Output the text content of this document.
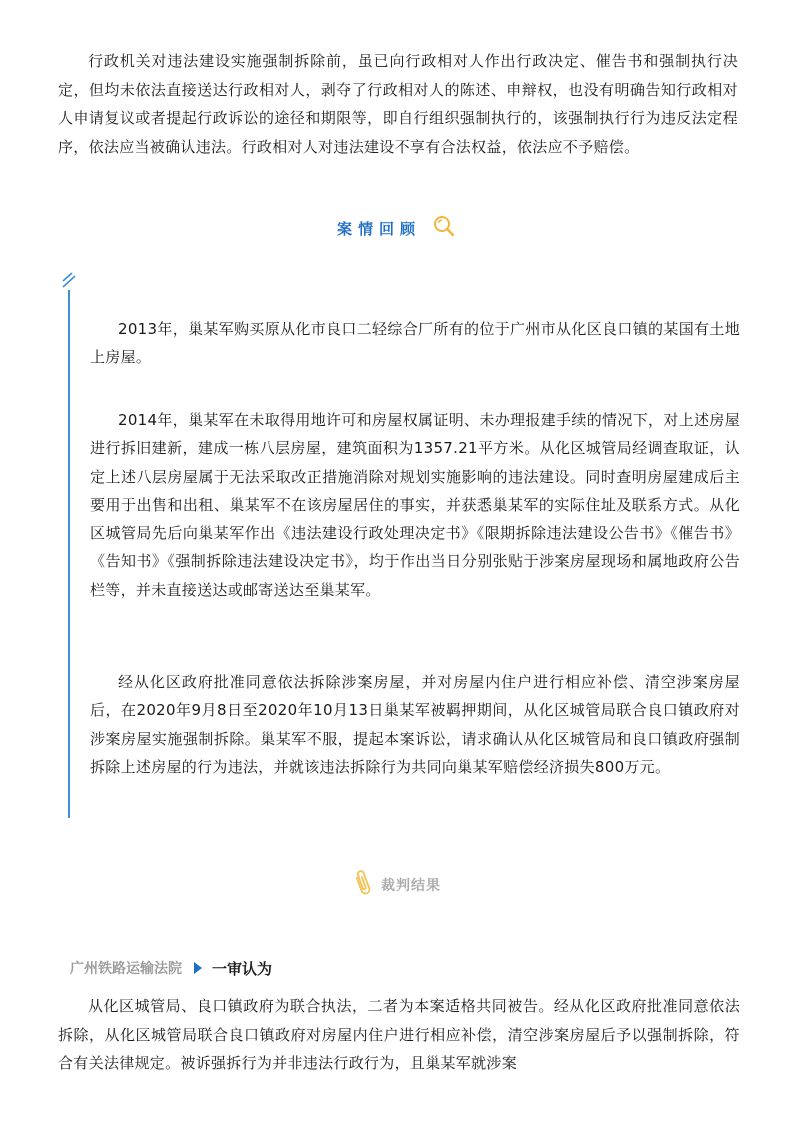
行政机关对违法建设实施强制拆除前，虽已向行政相对人作出行政决定、催告书和强制执行决定，但均未依法直接送达行政相对人，剥夺了行政相对人的陈述、申辩权，也没有明确告知行政相对人申请复议或者提起行政诉讼的途径和期限等，即自行组织强制执行的，该强制执行行为违反法定程序，依法应当被确认违法。行政相对人对违法建设不享有合法权益，依法应不予赔偿。

案情回顾

2013年，巢某军购买原从化市良口二轻综合厂所有的位于广州市从化区良口镇的某国有土地上房屋。

2014年，巢某军在未取得用地许可和房屋权属证明、未办理报建手续的情况下，对上述房屋进行拆旧建新，建成一栋八层房屋，建筑面积为1357.21平方米。从化区城管局经调查取证，认定上述八层房屋属于无法采取改正措施消除对规划实施影响的违法建设。同时查明房屋建成后主要用于出售和出租、巢某军不在该房屋居住的事实，并获悉巢某军的实际住址及联系方式。从化区城管局先后向巢某军作出《违法建设行政处理决定书》《限期拆除违法建设公告书》《催告书》《告知书》《强制拆除违法建设决定书》，均于作出当日分别张贴于涉案房屋现场和属地政府公告栏等，并未直接送达或邮寄送达至巢某军。

经从化区政府批准同意依法拆除涉案房屋，并对房屋内住户进行相应补偿、清空涉案房屋后，在2020年9月8日至2020年10月13日巢某军被羁押期间，从化区城管局联合良口镇政府对涉案房屋实施强制拆除。巢某军不服，提起本案诉讼，请求确认从化区城管局和良口镇政府强制拆除上述房屋的行为违法，并就该违法拆除行为共同向巢某军赔偿经济损失800万元。

裁判结果
广州铁路运输法院 一审认为

从化区城管局、良口镇政府为联合执法，二者为本案适格共同被告。经从化区政府批准同意依法拆除，从化区城管局联合良口镇政府对房屋内住户进行相应补偿，清空涉案房屋后予以强制拆除，符合有关法律规定。被诉强拆行为并非违法行政行为，且巢某军就涉案
